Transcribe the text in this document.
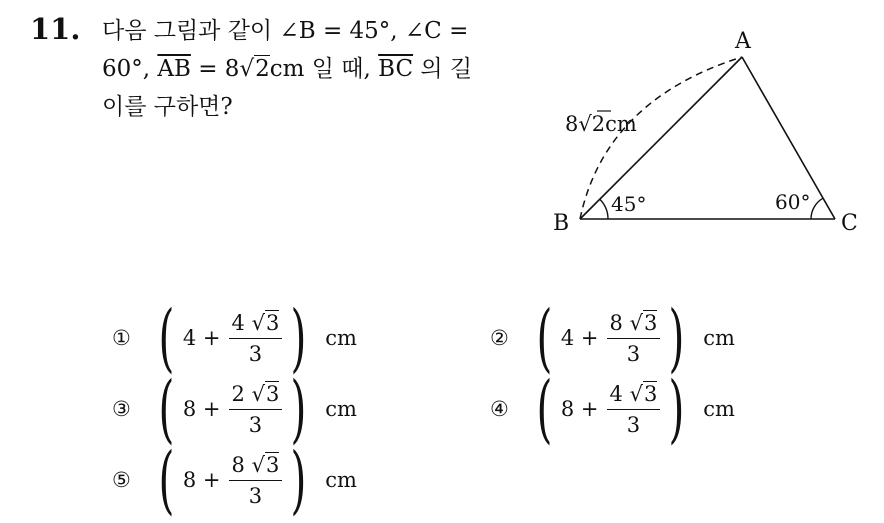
11. 다음 그림과 같이 ∠B = 45°, ∠C =
60°, $\overline{AB} = 8√2cm$ 일 때, $\overline{BC}$ 의 길
이를 구하면?
A
B	C
45°	60°
8√2cm
① ( $4 + \frac{4 √3}{3}$ ) cm	② ( $4 + \frac{8 √3}{3}$ ) cm
③ ( $8 + \frac{2 √3}{3}$ ) cm	④ ( $8 + \frac{4 √3}{3}$ ) cm
⑤ ( $8 + \frac{8 √3}{3}$ ) cm
